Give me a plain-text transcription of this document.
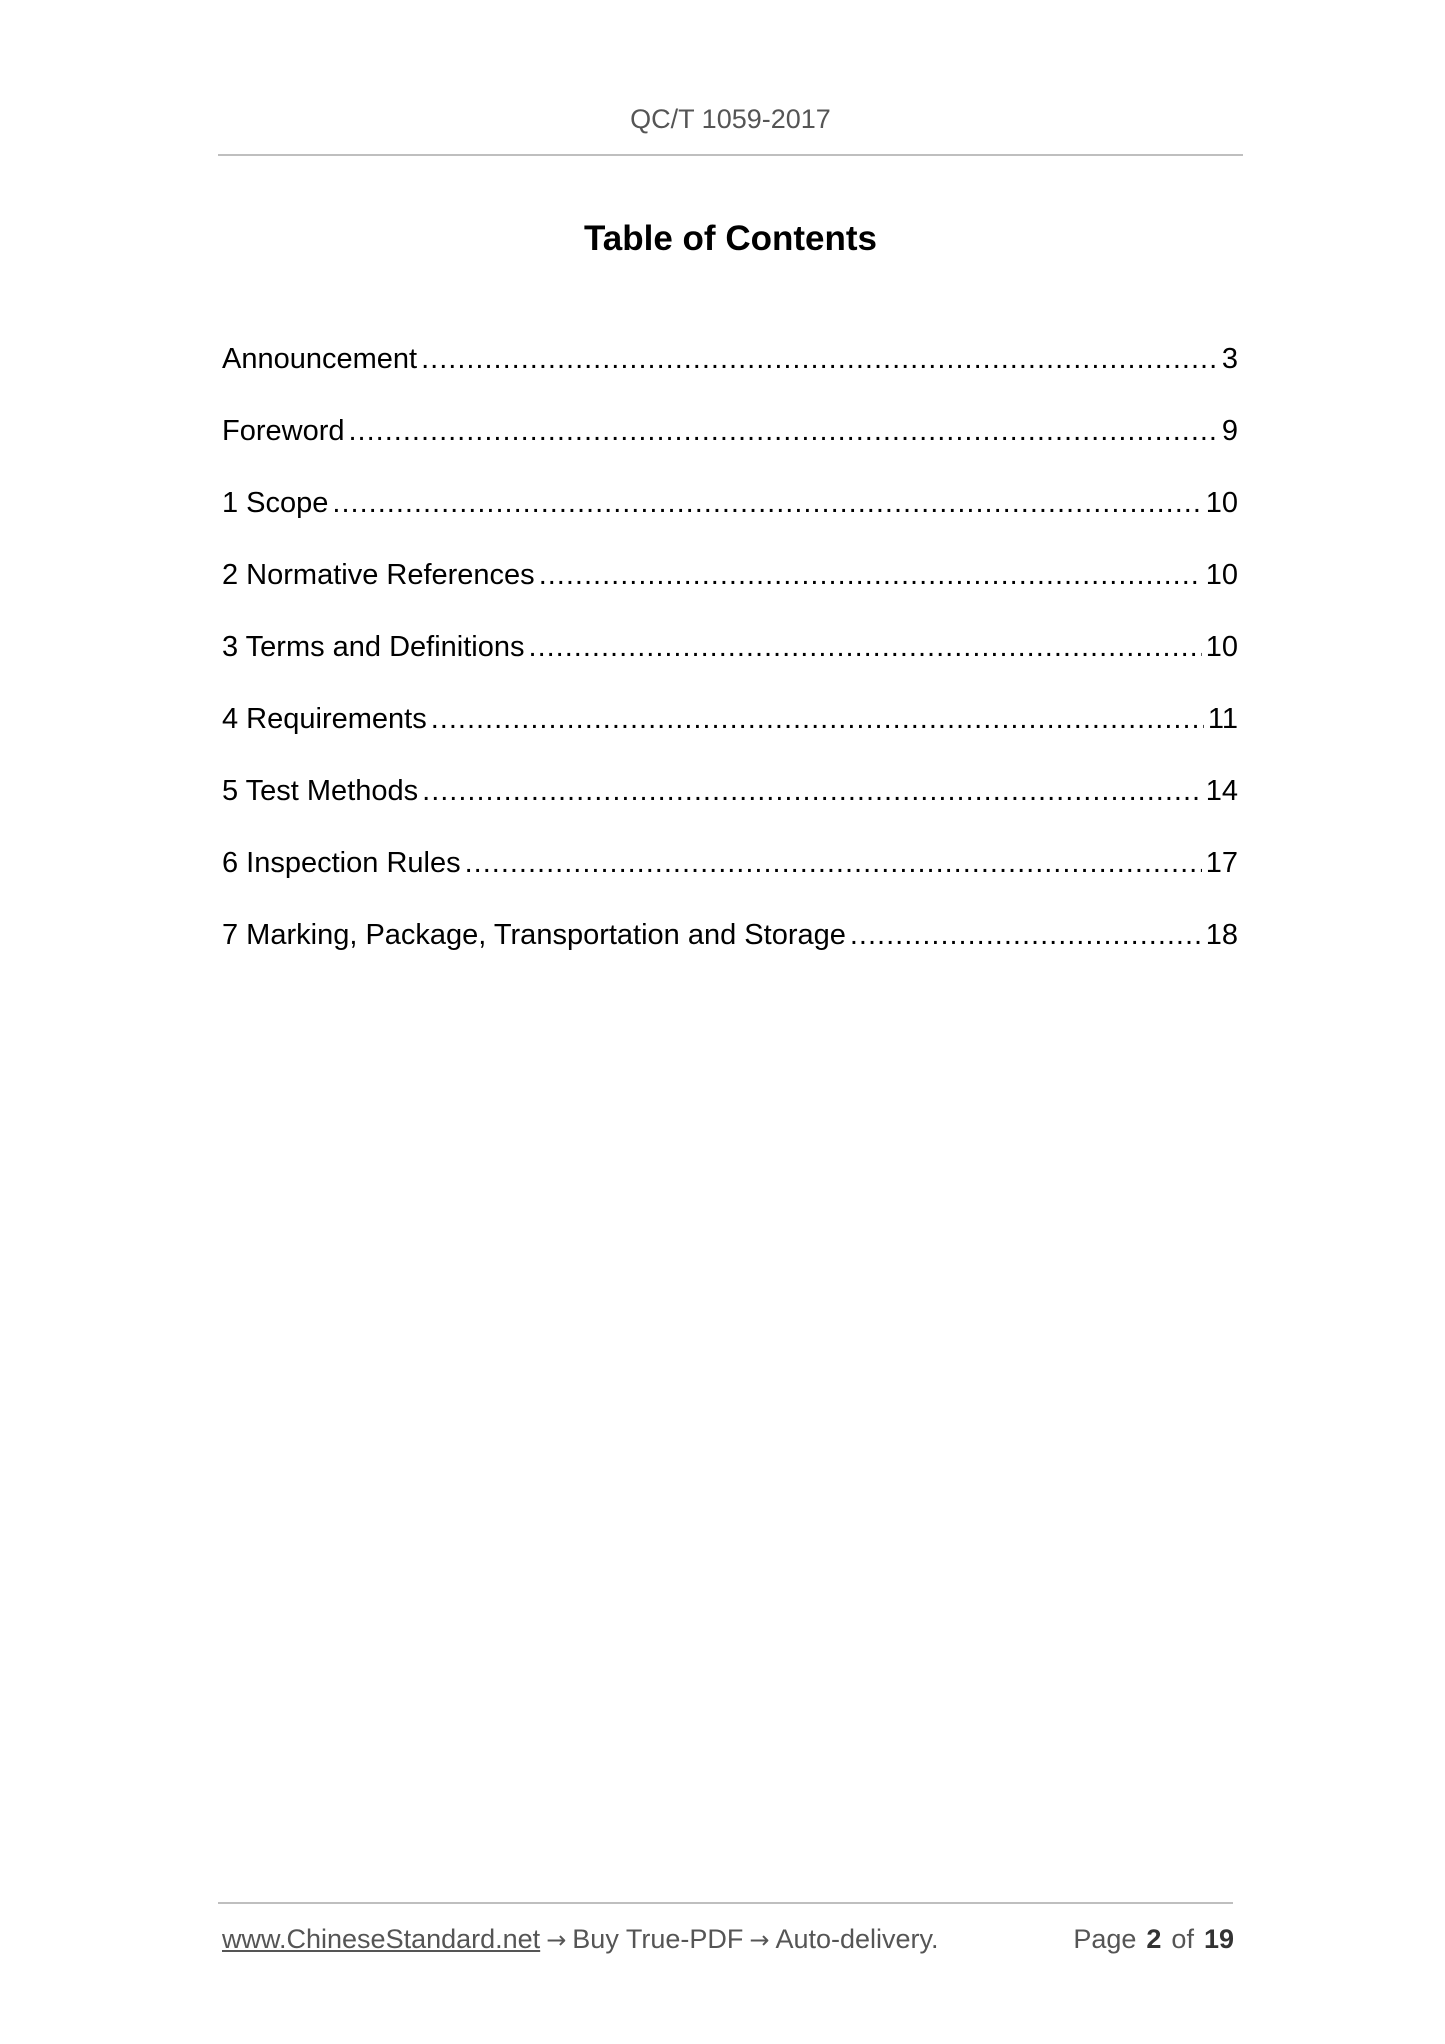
QC/T 1059-2017
Table of Contents
Announcement .....	3
Foreword .....	9
1 Scope .....	10
2 Normative References .....	10
3 Terms and Definitions .....	10
4 Requirements .....	11
5 Test Methods .....	14
6 Inspection Rules .....	17
7 Marking, Package, Transportation and Storage .....	18
www.ChineseStandard.net → Buy True-PDF → Auto-delivery.	Page 2 of 19
